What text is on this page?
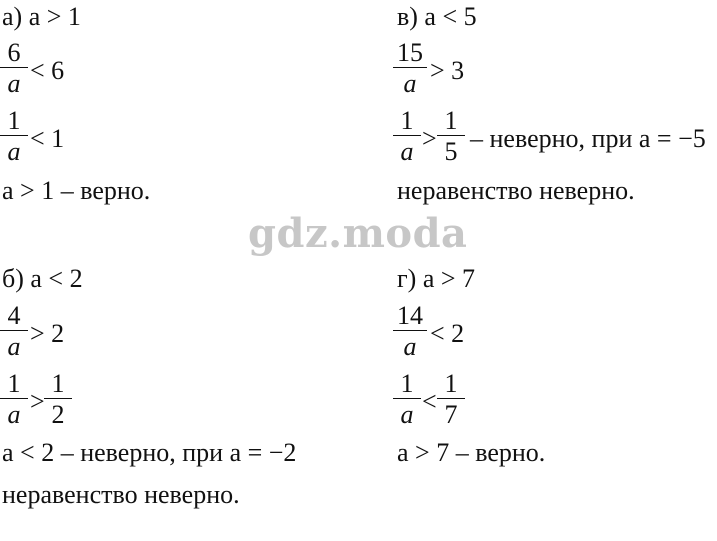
gdz.moda
а) a > 1
6
a < 6
1
a < 1
a > 1 – верно.
б) a < 2
4
a > 2
1
a >
1
2
a < 2 – неверно, при a = −2
неравенство неверно.
в) a < 5
15
a > 3
1
a >
1
5 – неверно, при a = −5
неравенство неверно.
г) a > 7
14
a < 2
1
a <
1
7
a > 7 – верно.
